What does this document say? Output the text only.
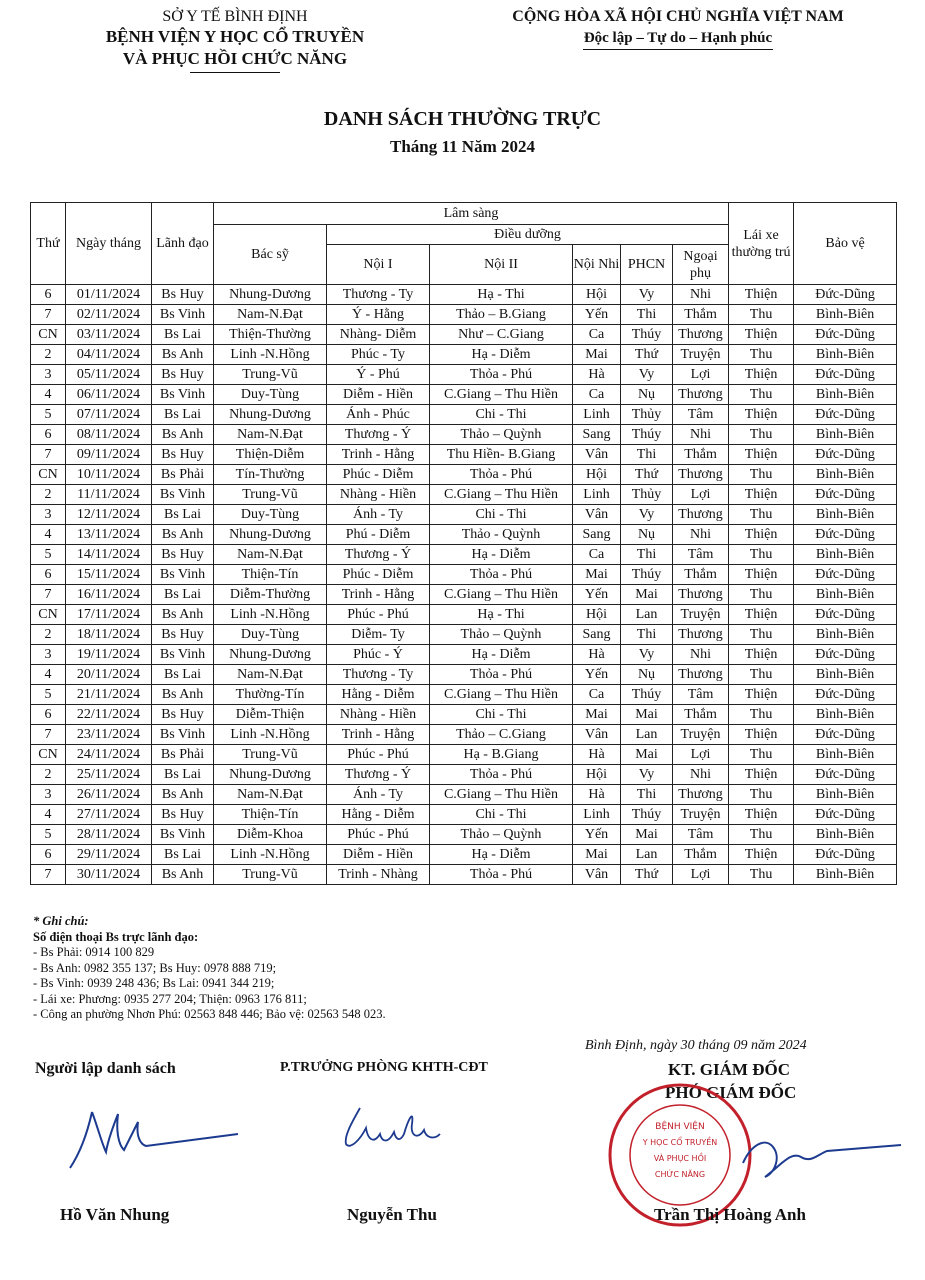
SỞ Y TẾ BÌNH ĐỊNH
BỆNH VIỆN Y HỌC CỔ TRUYỀN
VÀ PHỤC HỒI CHỨC NĂNG
CỘNG HÒA XÃ HỘI CHỦ NGHĨA VIỆT NAM
Độc lập – Tự do – Hạnh phúc
DANH SÁCH THƯỜNG TRỰC
Tháng 11 Năm 2024
Thứ	Ngày tháng	Lãnh đạo	Lâm sàng						Lái xe thường trú	Bảo vệ
			Bác sỹ	Điều dưỡng						
				Nội I	Nội II	Nội Nhi	PHCN	Ngoại phụ		
6	01/11/2024	Bs Huy	Nhung-Dương	Thương - Ty	Hạ - Thi	Hội	Vy	Nhi	Thiện	Đức-Dũng
7	02/11/2024	Bs Vinh	Nam-N.Đạt	Ý - Hằng	Thảo – B.Giang	Yến	Thi	Thắm	Thu	Bình-Biên
CN	03/11/2024	Bs Lai	Thiện-Thường	Nhàng- Diễm	Như – C.Giang	Ca	Thúy	Thương	Thiện	Đức-Dũng
2	04/11/2024	Bs Anh	Linh -N.Hồng	Phúc - Ty	Hạ - Diễm	Mai	Thứ	Truyện	Thu	Bình-Biên
3	05/11/2024	Bs Huy	Trung-Vũ	Ý - Phú	Thỏa - Phú	Hà	Vy	Lợi	Thiện	Đức-Dũng
4	06/11/2024	Bs Vinh	Duy-Tùng	Diễm - Hiền	C.Giang – Thu Hiền	Ca	Nụ	Thương	Thu	Bình-Biên
5	07/11/2024	Bs Lai	Nhung-Dương	Ánh - Phúc	Chi - Thi	Linh	Thủy	Tâm	Thiện	Đức-Dũng
6	08/11/2024	Bs Anh	Nam-N.Đạt	Thương - Ý	Thảo – Quỳnh	Sang	Thúy	Nhi	Thu	Bình-Biên
7	09/11/2024	Bs Huy	Thiện-Diễm	Trinh - Hằng	Thu Hiền- B.Giang	Vân	Thi	Thắm	Thiện	Đức-Dũng
CN	10/11/2024	Bs Phải	Tín-Thường	Phúc - Diễm	Thỏa - Phú	Hội	Thứ	Thương	Thu	Bình-Biên
2	11/11/2024	Bs Vinh	Trung-Vũ	Nhàng - Hiền	C.Giang – Thu Hiền	Linh	Thủy	Lợi	Thiện	Đức-Dũng
3	12/11/2024	Bs Lai	Duy-Tùng	Ánh - Ty	Chi - Thi	Vân	Vy	Thương	Thu	Bình-Biên
4	13/11/2024	Bs Anh	Nhung-Dương	Phú - Diễm	Thảo - Quỳnh	Sang	Nụ	Nhi	Thiện	Đức-Dũng
5	14/11/2024	Bs Huy	Nam-N.Đạt	Thương - Ý	Hạ - Diễm	Ca	Thi	Tâm	Thu	Bình-Biên
6	15/11/2024	Bs Vinh	Thiện-Tín	Phúc - Diễm	Thỏa - Phú	Mai	Thúy	Thắm	Thiện	Đức-Dũng
7	16/11/2024	Bs Lai	Diễm-Thường	Trinh - Hằng	C.Giang – Thu Hiền	Yến	Mai	Thương	Thu	Bình-Biên
CN	17/11/2024	Bs Anh	Linh -N.Hồng	Phúc - Phú	Hạ - Thi	Hội	Lan	Truyện	Thiện	Đức-Dũng
2	18/11/2024	Bs Huy	Duy-Tùng	Diễm- Ty	Thảo – Quỳnh	Sang	Thi	Thương	Thu	Bình-Biên
3	19/11/2024	Bs Vinh	Nhung-Dương	Phúc - Ý	Hạ - Diễm	Hà	Vy	Nhi	Thiện	Đức-Dũng
4	20/11/2024	Bs Lai	Nam-N.Đạt	Thương - Ty	Thỏa - Phú	Yến	Nụ	Thương	Thu	Bình-Biên
5	21/11/2024	Bs Anh	Thường-Tín	Hằng - Diễm	C.Giang – Thu Hiền	Ca	Thúy	Tâm	Thiện	Đức-Dũng
6	22/11/2024	Bs Huy	Diễm-Thiện	Nhàng - Hiền	Chi - Thi	Mai	Mai	Thắm	Thu	Bình-Biên
7	23/11/2024	Bs Vinh	Linh -N.Hồng	Trinh - Hằng	Thảo – C.Giang	Vân	Lan	Truyện	Thiện	Đức-Dũng
CN	24/11/2024	Bs Phải	Trung-Vũ	Phúc - Phú	Hạ - B.Giang	Hà	Mai	Lợi	Thu	Bình-Biên
2	25/11/2024	Bs Lai	Nhung-Dương	Thương - Ý	Thỏa - Phú	Hội	Vy	Nhi	Thiện	Đức-Dũng
3	26/11/2024	Bs Anh	Nam-N.Đạt	Ánh - Ty	C.Giang – Thu Hiền	Hà	Thi	Thương	Thu	Bình-Biên
4	27/11/2024	Bs Huy	Thiện-Tín	Hằng - Diễm	Chi - Thi	Linh	Thúy	Truyện	Thiện	Đức-Dũng
5	28/11/2024	Bs Vinh	Diễm-Khoa	Phúc - Phú	Thảo – Quỳnh	Yến	Mai	Tâm	Thu	Bình-Biên
6	29/11/2024	Bs Lai	Linh -N.Hồng	Diễm - Hiền	Hạ - Diễm	Mai	Lan	Thắm	Thiện	Đức-Dũng
7	30/11/2024	Bs Anh	Trung-Vũ	Trinh - Nhàng	Thỏa - Phú	Vân	Thứ	Lợi	Thu	Bình-Biên
* Ghi chú:
Số điện thoại Bs trực lãnh đạo:
- Bs Phải: 0914 100 829
- Bs Anh: 0982 355 137; Bs Huy: 0978 888 719;
- Bs Vinh: 0939 248 436; Bs Lai: 0941 344 219;
- Lái xe: Phương: 0935 277 204; Thiện: 0963 176 811;
- Công an phường Nhơn Phú: 02563 848 446; Bảo vệ: 02563 548 023.
Bình Định, ngày 30 tháng 09 năm 2024
Người lập danh sách	P.TRƯỞNG PHÒNG KHTH-CĐT	KT. GIÁM ĐỐC
PHÓ GIÁM ĐỐC
BỆNH VIỆN
Y HỌC CỔ TRUYỀN
VÀ PHỤC HỒI
CHỨC NĂNG
Hồ Văn Nhung	Nguyễn Thu	Trần Thị Hoàng Anh
